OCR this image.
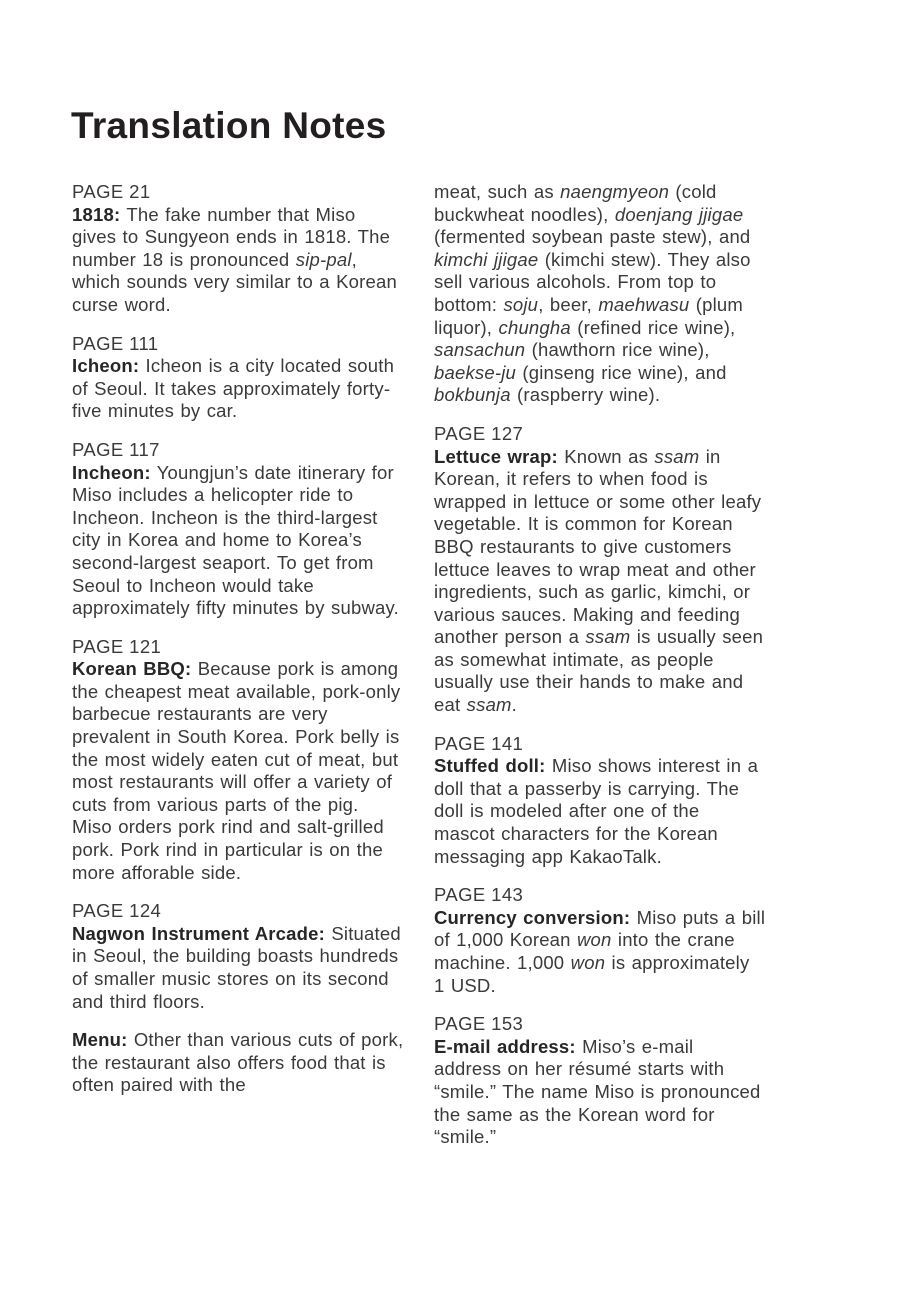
Translation Notes
PAGE 21

1818: The fake number that Miso gives to Sungyeon ends in 1818. The number 18 is pronounced sip-pal, which sounds very similar to a Korean curse word.

PAGE 111

Icheon: Icheon is a city located south of Seoul. It takes approximately forty-five minutes by car.

PAGE 117

Incheon: Youngjun’s date itinerary for Miso includes a helicopter ride to Incheon. Incheon is the third-largest city in Korea and home to Korea’s second-largest seaport. To get from Seoul to Incheon would take approximately fifty minutes by subway.

PAGE 121

Korean BBQ: Because pork is among the cheapest meat available, pork-only barbecue restaurants are very prevalent in South Korea. Pork belly is the most widely eaten cut of meat, but most restaurants will offer a variety of cuts from various parts of the pig. Miso orders pork rind and salt-grilled pork. Pork rind in particular is on the more afforable side.

PAGE 124

Nagwon Instrument Arcade: Situated in Seoul, the building boasts hundreds of smaller music stores on its second and third floors.

Menu: Other than various cuts of pork, the restaurant also offers food that is often paired with the

meat, such as naengmyeon (cold buckwheat noodles), doenjang jjigae (fermented soybean paste stew), and kimchi jjigae (kimchi stew). They also sell various alcohols. From top to bottom: soju, beer, maehwasu (plum liquor), chungha (refined rice wine), sansachun (hawthorn rice wine), baekse-ju (ginseng rice wine), and bokbunja (raspberry wine).

PAGE 127

Lettuce wrap: Known as ssam in Korean, it refers to when food is wrapped in lettuce or some other leafy vegetable. It is common for Korean BBQ restaurants to give customers lettuce leaves to wrap meat and other ingredients, such as garlic, kimchi, or various sauces. Making and feeding another person a ssam is usually seen as somewhat intimate, as people usually use their hands to make and eat ssam.

PAGE 141

Stuffed doll: Miso shows interest in a doll that a passerby is carrying. The doll is modeled after one of the mascot characters for the Korean messaging app KakaoTalk.

PAGE 143

Currency conversion: Miso puts a bill of 1,000 Korean won into the crane machine. 1,000 won is approximately 1 USD.

PAGE 153

E-mail address: Miso’s e-mail address on her résumé starts with “smile.” The name Miso is pronounced the same as the Korean word for “smile.”
